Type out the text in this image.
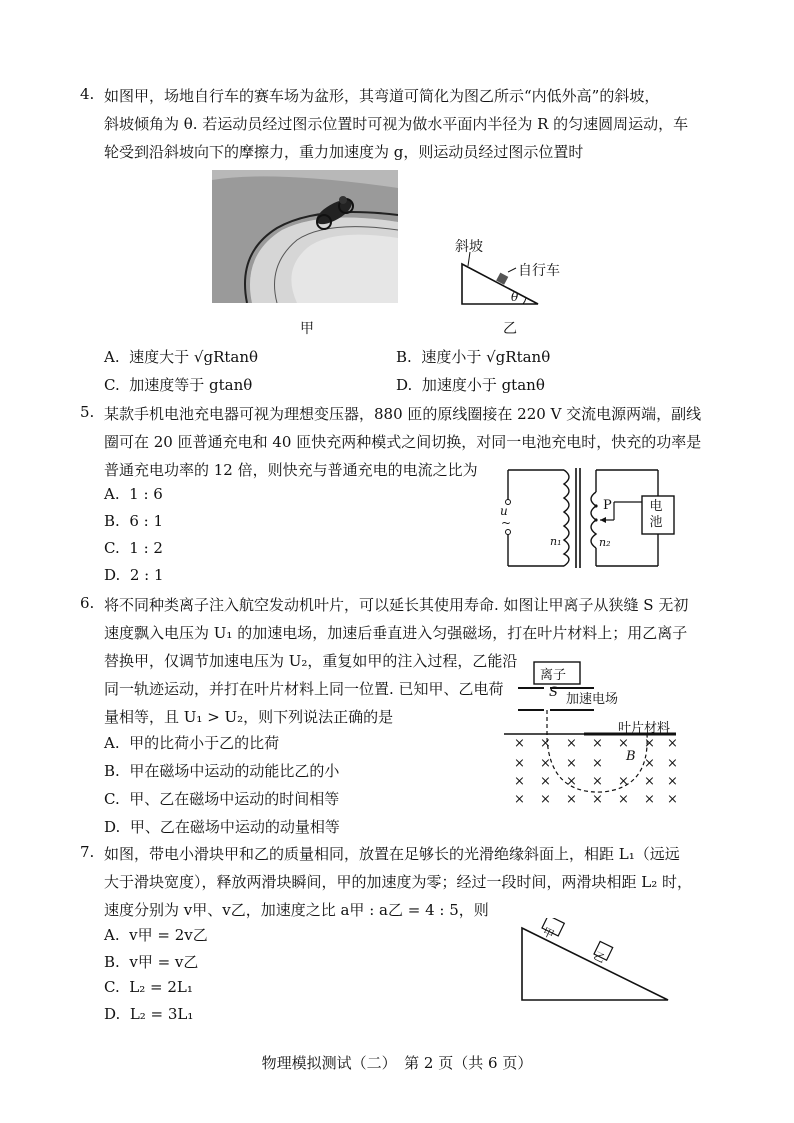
4. 如图甲，场地自行车的赛车场为盆形，其弯道可简化为图乙所示“内低外高”的斜坡，
斜坡倾角为 θ. 若运动员经过图示位置时可视为做水平面内半径为 R 的匀速圆周运动，车
轮受到沿斜坡向下的摩擦力，重力加速度为 g，则运动员经过图示位置时
甲
斜坡
自行车
θ
乙
A. 速度大于 √gRtanθ	B. 速度小于 √gRtanθ
C. 加速度等于 gtanθ	D. 加速度小于 gtanθ
5. 某款手机电池充电器可视为理想变压器，880 匝的原线圈接在 220 V 交流电源两端，副线
圈可在 20 匝普通充电和 40 匝快充两种模式之间切换，对同一电池充电时，快充的功率是
普通充电功率的 12 倍，则快充与普通充电的电流之比为
A. 1 : 6
B. 6 : 1
C. 1 : 2
D. 2 : 1
u
~
n₁	n₂
P	电池
6. 将不同种类离子注入航空发动机叶片，可以延长其使用寿命. 如图让甲离子从狭缝 S 无初
速度飘入电压为 U₁ 的加速电场，加速后垂直进入匀强磁场，打在叶片材料上；用乙离子
替换甲，仅调节加速电压为 U₂，重复如甲的注入过程，乙能沿
同一轨迹运动，并打在叶片材料上同一位置. 已知甲、乙电荷
量相等，且 U₁ > U₂，则下列说法正确的是
A. 甲的比荷小于乙的比荷
B. 甲在磁场中运动的动能比乙的小
C. 甲、乙在磁场中运动的时间相等
D. 甲、乙在磁场中运动的动量相等
× × × × × × ×
× × × ×	× ×
× × × × × × ×
× × × × × × ×
离子
S 加速电场
叶片材料
B
7. 如图，带电小滑块甲和乙的质量相同，放置在足够长的光滑绝缘斜面上，相距 L₁（远远
大于滑块宽度），释放两滑块瞬间，甲的加速度为零；经过一段时间，两滑块相距 L₂ 时，
速度分别为 v甲、v乙，加速度之比 a甲 : a乙 = 4 : 5，则
A. v甲 = 2v乙
B. v甲 = v乙
C. L₂ = 2L₁
D. L₂ = 3L₁
甲
乙
物理模拟测试（二）　第 2 页（共 6 页）
